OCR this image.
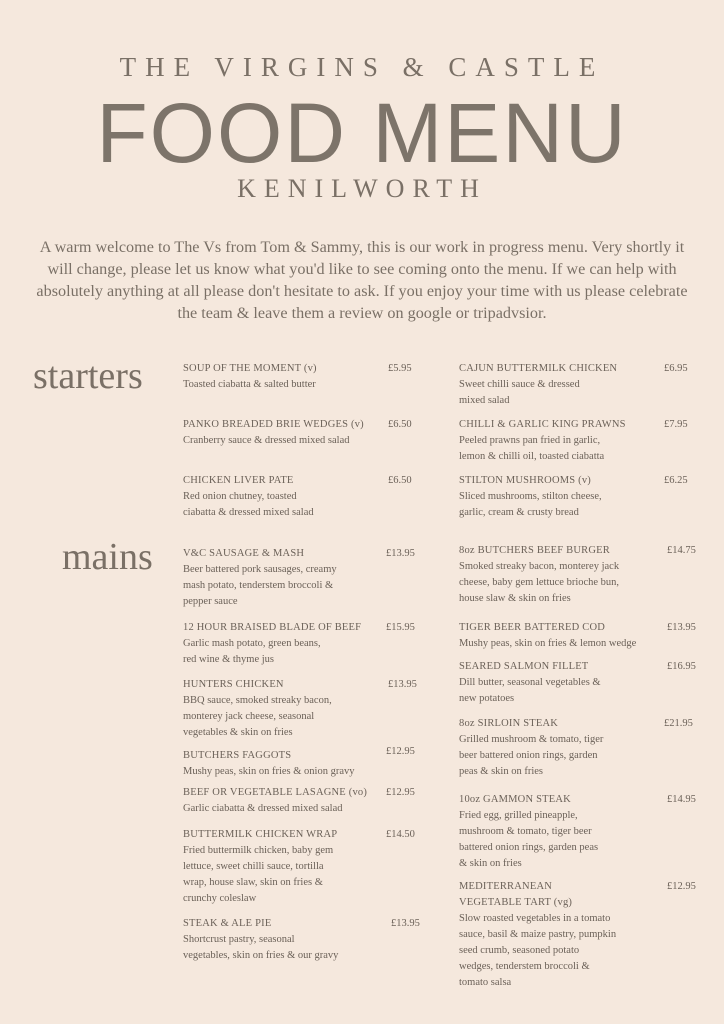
THE VIRGINS & CASTLE
FOOD MENU
KENILWORTH
A warm welcome to The Vs from Tom & Sammy, this is our work in progress menu. Very shortly it will change, please let us know what you'd like to see coming onto the menu. If we can help with absolutely anything at all please don't hesitate to ask. If you enjoy your time with us please celebrate the team & leave them a review on google or tripadvsior.
starters	SOUP OF THE MOMENT (v)
Toasted ciabatta & salted butter
£5.95	CAJUN BUTTERMILK CHICKEN
Sweet chilli sauce & dressed
mixed salad
£6.95
PANKO BREADED BRIE WEDGES (v)
Cranberry sauce & dressed mixed salad
£6.50	CHILLI & GARLIC KING PRAWNS
Peeled prawns pan fried in garlic,
lemon & chilli oil, toasted ciabatta
£7.95
CHICKEN LIVER PATE
Red onion chutney, toasted
ciabatta & dressed mixed salad
£6.50	STILTON MUSHROOMS (v)
Sliced mushrooms, stilton cheese,
garlic, cream & crusty bread
£6.25
mains	V&C SAUSAGE & MASH
Beer battered pork sausages, creamy
mash potato, tenderstem broccoli &
pepper sauce
£13.95	8oz BUTCHERS BEEF BURGER
Smoked streaky bacon, monterey jack
cheese, baby gem lettuce brioche bun,
house slaw & skin on fries
£14.75
12 HOUR BRAISED BLADE OF BEEF
Garlic mash potato, green beans,
red wine & thyme jus
£15.95	TIGER BEER BATTERED COD
Mushy peas, skin on fries & lemon wedge
£13.95
SEARED SALMON FILLET
Dill butter, seasonal vegetables &
new potatoes
£16.95
HUNTERS CHICKEN
BBQ sauce, smoked streaky bacon,
monterey jack cheese, seasonal
vegetables & skin on fries
£13.95
8oz SIRLOIN STEAK
Grilled mushroom & tomato, tiger
beer battered onion rings, garden
peas & skin on fries
£21.95
BUTCHERS FAGGOTS
Mushy peas, skin on fries & onion gravy
£12.95
BEEF OR VEGETABLE LASAGNE (vo)
Garlic ciabatta & dressed mixed salad
£12.95
10oz GAMMON STEAK
Fried egg, grilled pineapple,
mushroom & tomato, tiger beer
battered onion rings, garden peas
& skin on fries
£14.95
BUTTERMILK CHICKEN WRAP
Fried buttermilk chicken, baby gem
lettuce, sweet chilli sauce, tortilla
wrap, house slaw, skin on fries &
crunchy coleslaw
£14.50
MEDITERRANEAN
VEGETABLE TART (vg)
Slow roasted vegetables in a tomato
sauce, basil & maize pastry, pumpkin
seed crumb, seasoned potato
wedges, tenderstem broccoli &
tomato salsa
£12.95
STEAK & ALE PIE
Shortcrust pastry, seasonal
vegetables, skin on fries & our gravy
£13.95
